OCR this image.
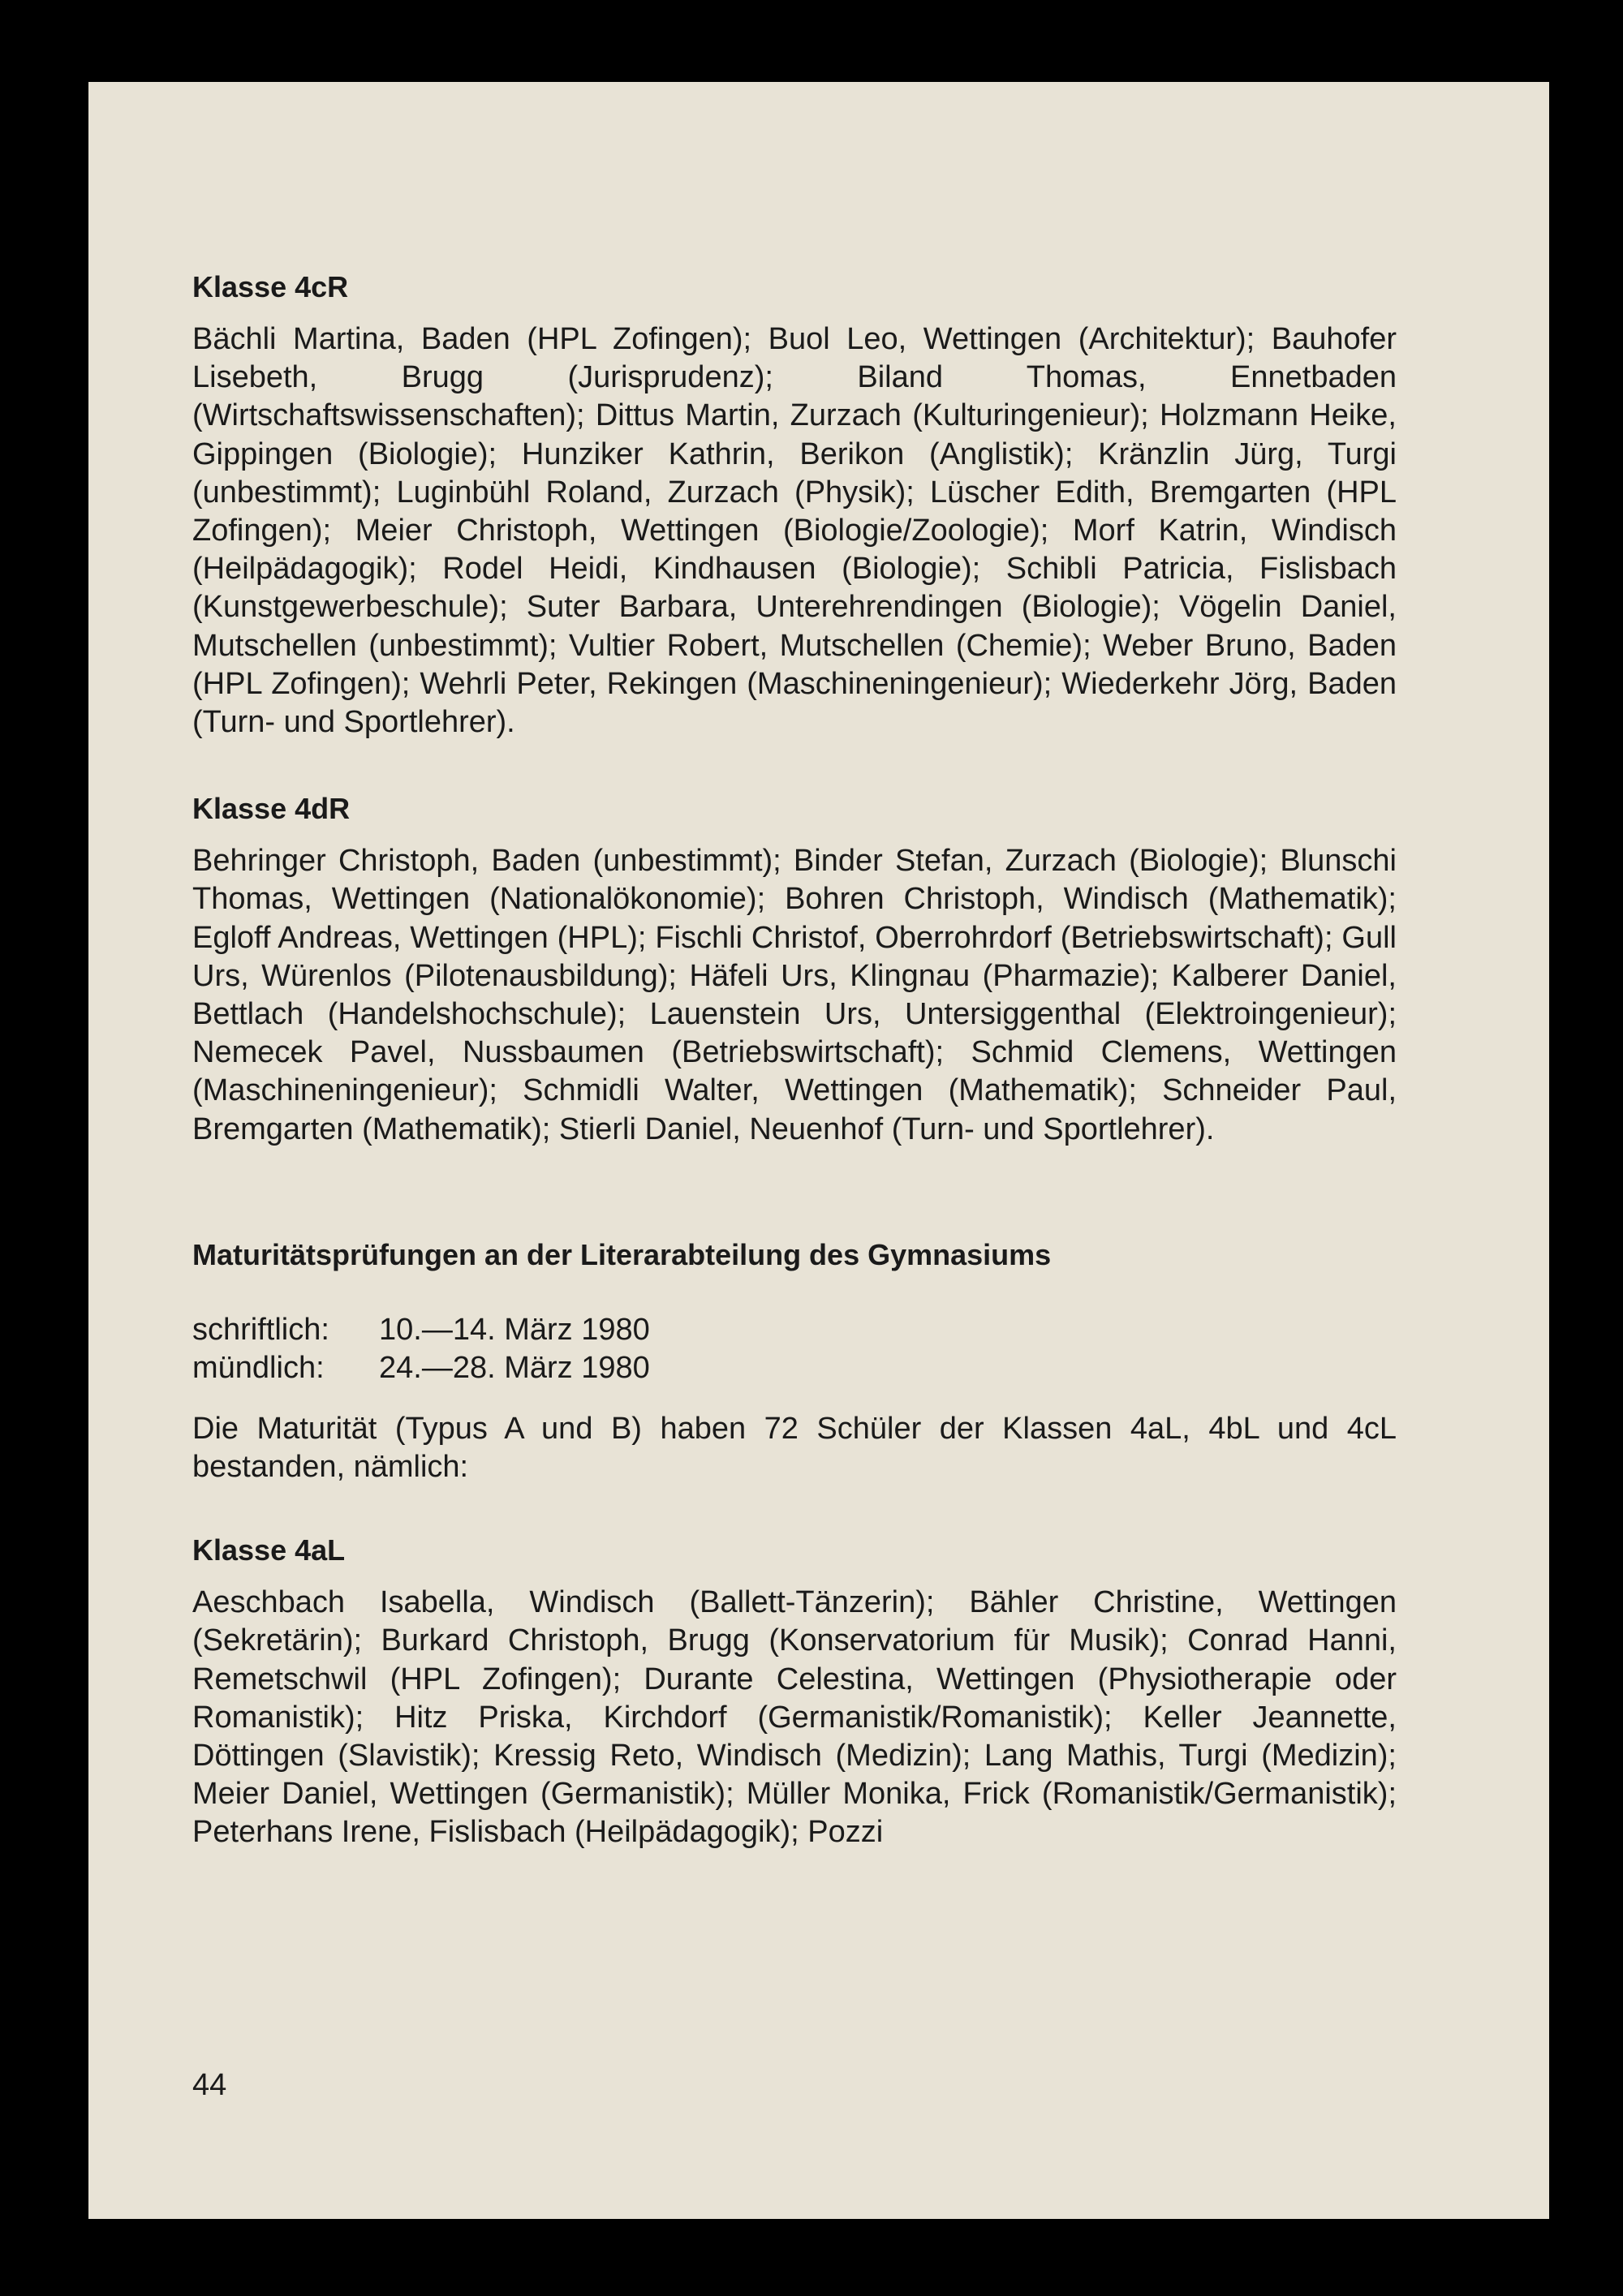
Klasse 4cR

Bächli Martina, Baden (HPL Zofingen); Buol Leo, Wettingen (Architektur); Bauhofer Lisebeth, Brugg (Jurisprudenz); Biland Thomas, Ennetbaden (Wirtschaftswissenschaften); Dittus Martin, Zurzach (Kulturingenieur); Holzmann Heike, Gippingen (Biologie); Hunziker Kathrin, Berikon (Anglistik); Kränzlin Jürg, Turgi (unbestimmt); Luginbühl Roland, Zurzach (Physik); Lüscher Edith, Bremgarten (HPL Zofingen); Meier Christoph, Wettingen (Biologie/Zoologie); Morf Katrin, Windisch (Heilpädagogik); Rodel Heidi, Kindhausen (Biologie); Schibli Patricia, Fislisbach (Kunstgewerbeschule); Suter Barbara, Unterehrendingen (Biologie); Vögelin Daniel, Mutschellen (unbestimmt); Vultier Robert, Mutschellen (Chemie); Weber Bruno, Baden (HPL Zofingen); Wehrli Peter, Rekingen (Maschineningenieur); Wiederkehr Jörg, Baden (Turn- und Sportlehrer).

Klasse 4dR

Behringer Christoph, Baden (unbestimmt); Binder Stefan, Zurzach (Biologie); Blunschi Thomas, Wettingen (Nationalökonomie); Bohren Christoph, Windisch (Mathematik); Egloff Andreas, Wettingen (HPL); Fischli Christof, Oberrohrdorf (Betriebswirtschaft); Gull Urs, Würenlos (Pilotenausbildung); Häfeli Urs, Klingnau (Pharmazie); Kalberer Daniel, Bettlach (Handelshochschule); Lauenstein Urs, Untersiggenthal (Elektroingenieur); Nemecek Pavel, Nussbaumen (Betriebswirtschaft); Schmid Clemens, Wettingen (Maschineningenieur); Schmidli Walter, Wettingen (Mathematik); Schneider Paul, Bremgarten (Mathematik); Stierli Daniel, Neuenhof (Turn- und Sportlehrer).

Maturitätsprüfungen an der Literarabteilung des Gymnasiums
schriftlich:	10.—14. März 1980
mündlich:	24.—28. März 1980

Die Maturität (Typus A und B) haben 72 Schüler der Klassen 4aL, 4bL und 4cL bestanden, nämlich:

Klasse 4aL

Aeschbach Isabella, Windisch (Ballett-Tänzerin); Bähler Christine, Wettingen (Sekretärin); Burkard Christoph, Brugg (Konservatorium für Musik); Conrad Hanni, Remetschwil (HPL Zofingen); Durante Celestina, Wettingen (Physiotherapie oder Romanistik); Hitz Priska, Kirchdorf (Germanistik/Romanistik); Keller Jeannette, Döttingen (Slavistik); Kressig Reto, Windisch (Medizin); Lang Mathis, Turgi (Medizin); Meier Daniel, Wettingen (Germanistik); Müller Monika, Frick (Romanistik/Germanistik); Peterhans Irene, Fislisbach (Heilpädagogik); Pozzi

44
